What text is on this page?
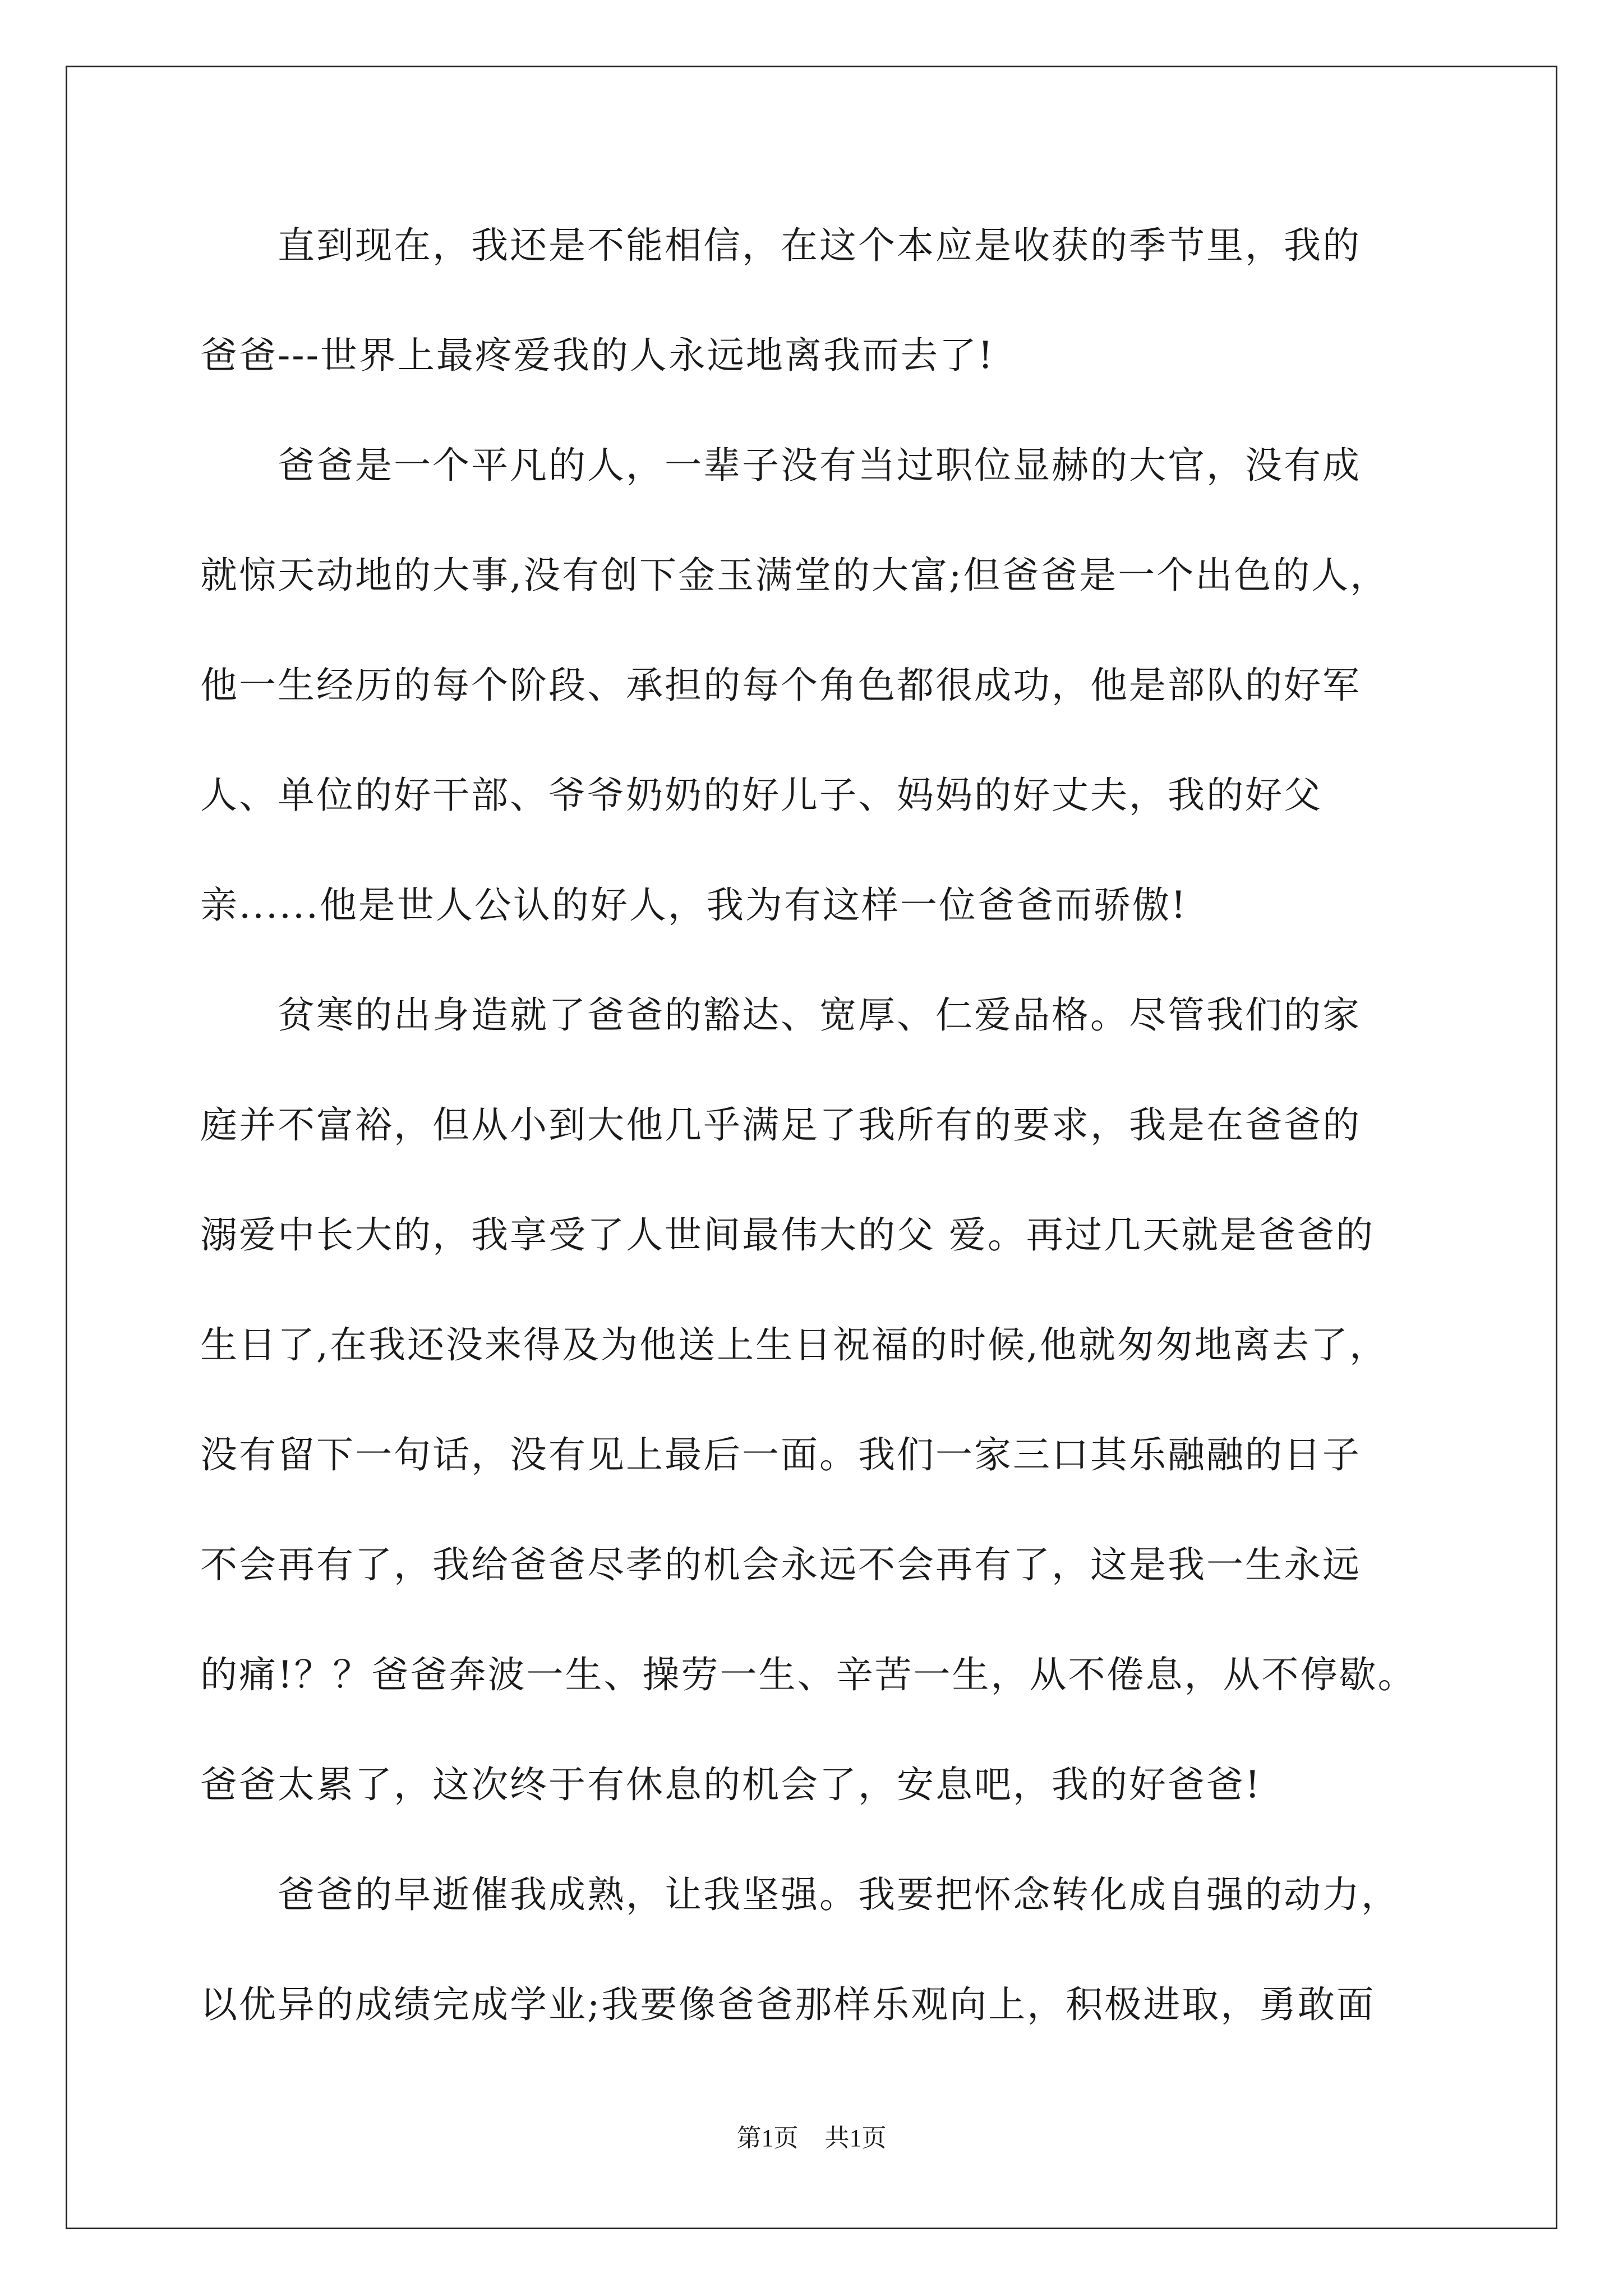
　　直到现在，我还是不能相信，在这个本应是收获的季节里，我的
爸爸---世界上最疼爱我的人永远地离我而去了!
　　爸爸是一个平凡的人，一辈子没有当过职位显赫的大官，没有成
就惊天动地的大事,没有创下金玉满堂的大富;但爸爸是一个出色的人，
他一生经历的每个阶段、承担的每个角色都很成功，他是部队的好军
人、单位的好干部、爷爷奶奶的好儿子、妈妈的好丈夫，我的好父
亲......他是世人公认的好人，我为有这样一位爸爸而骄傲!
　　贫寒的出身造就了爸爸的豁达、宽厚、仁爱品格。尽管我们的家
庭并不富裕，但从小到大他几乎满足了我所有的要求，我是在爸爸的
溺爱中长大的，我享受了人世间最伟大的父 爱。再过几天就是爸爸的
生日了,在我还没来得及为他送上生日祝福的时候,他就匆匆地离去了，
没有留下一句话，没有见上最后一面。我们一家三口其乐融融的日子
不会再有了，我给爸爸尽孝的机会永远不会再有了，这是我一生永远
的痛!？？爸爸奔波一生、操劳一生、辛苦一生，从不倦息，从不停歇。
爸爸太累了，这次终于有休息的机会了，安息吧，我的好爸爸!
　　爸爸的早逝催我成熟，让我坚强。我要把怀念转化成自强的动力，
以优异的成绩完成学业;我要像爸爸那样乐观向上，积极进取，勇敢面
第1页 共1页
